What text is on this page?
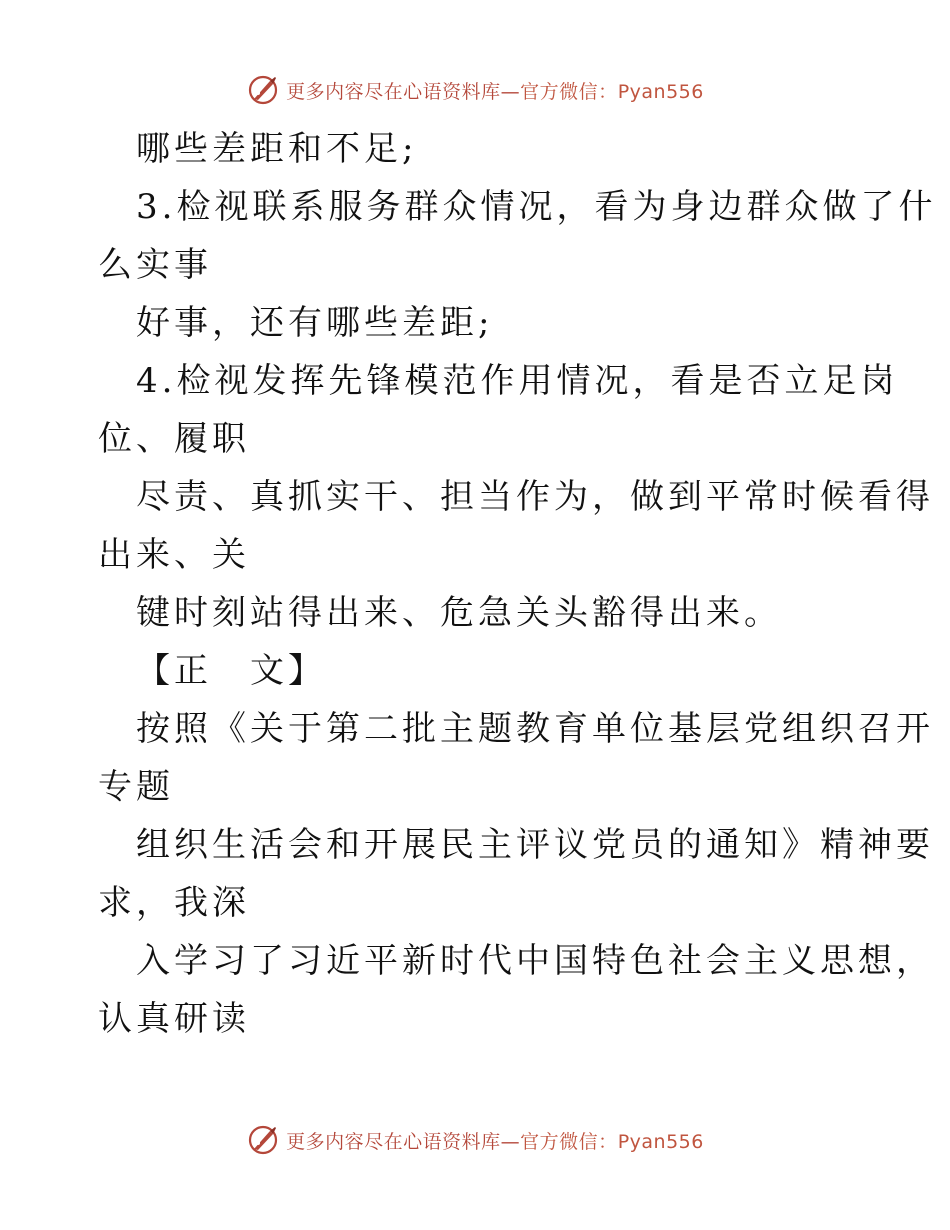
更多内容尽在心语资料库—官方微信：Pyan556
哪些差距和不足;
3.检视联系服务群众情况，看为身边群众做了什
么实事
好事，还有哪些差距;
4.检视发挥先锋模范作用情况，看是否立足岗
位、履职
尽责、真抓实干、担当作为，做到平常时候看得
出来、关
键时刻站得出来、危急关头豁得出来。
【正　文】
按照《关于第二批主题教育单位基层党组织召开
专题
组织生活会和开展民主评议党员的通知》精神要
求，我深
入学习了习近平新时代中国特色社会主义思想，
认真研读
更多内容尽在心语资料库—官方微信：Pyan556
